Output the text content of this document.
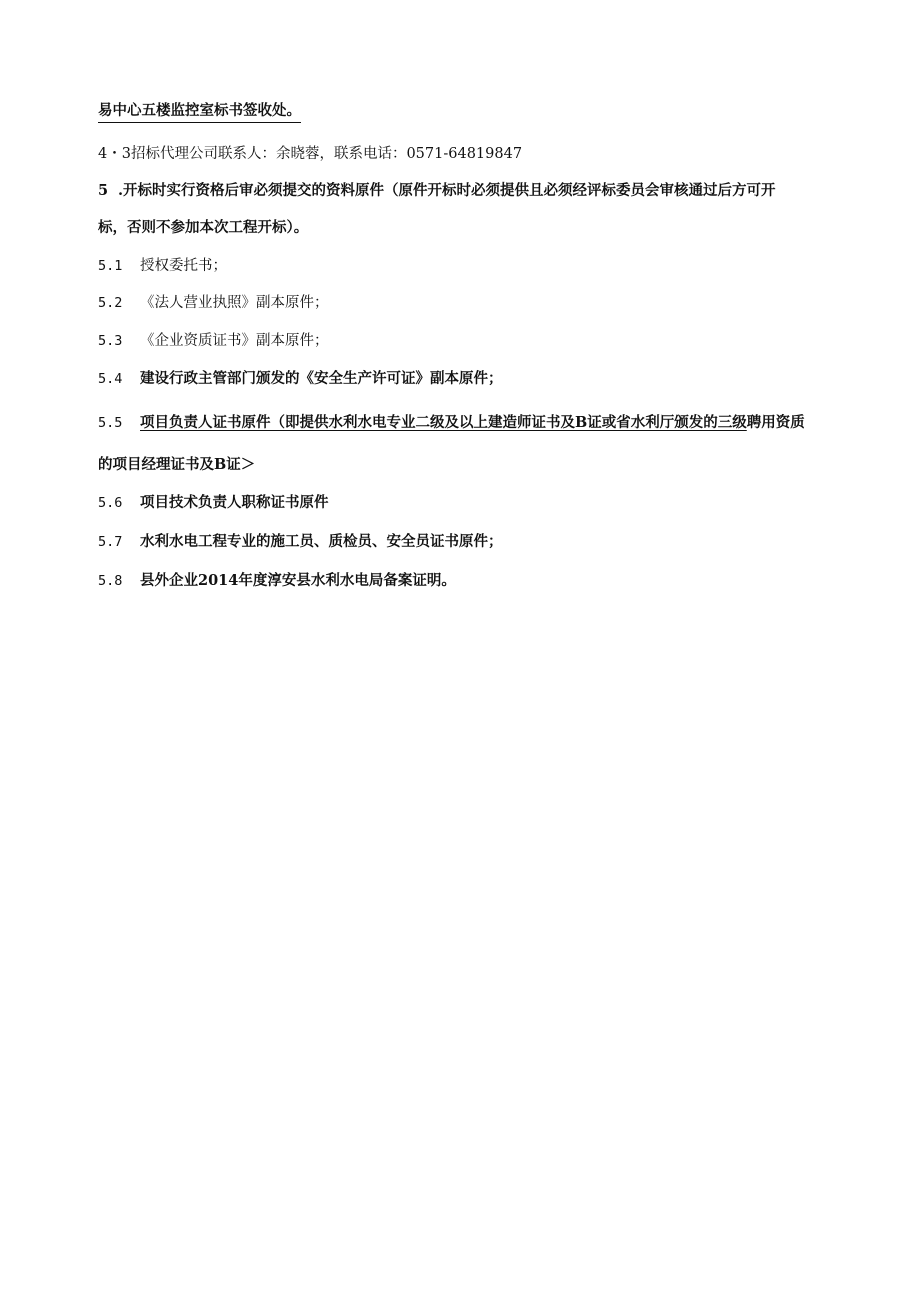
易中心五楼监控室标书签收处。
4・3招标代理公司联系人：余晓蓉，联系电话：0571-64819847
5 .开标时实行资格后审必须提交的资料原件（原件开标时必须提供且必须经评标委员会审核通过后方可开
标，否则不参加本次工程开标）。
5.1 授权委托书；
5.2 《法人营业执照》副本原件；
5.3 《企业资质证书》副本原件；
5.4 建设行政主管部门颁发的《安全生产许可证》副本原件；
5.5 项目负责人证书原件（即提供水利水电专业二级及以上建造师证书及B证或省水利厅颁发的三级聘用资质
的项目经理证书及B证＞
5.6 项目技术负责人职称证书原件
5.7 水利水电工程专业的施工员、质检员、安全员证书原件；
5.8 县外企业2014年度淳安县水利水电局备案证明。
